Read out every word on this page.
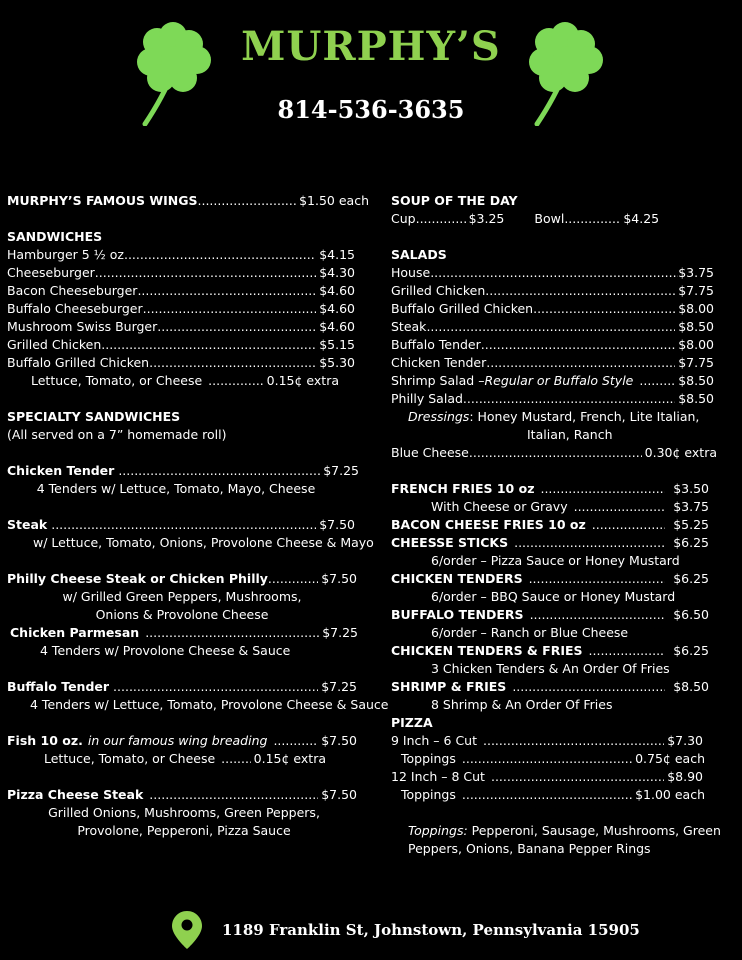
MURPHY’S
814-536-3635
MURPHY’S FAMOUS WINGS .....	$1.50 each
SANDWICHES
Hamburger 5 ½ oz. .....	$4.15
Cheeseburger .....	$4.30
Bacon Cheeseburger .....	$4.60
Buffalo Cheeseburger .....	$4.60
Mushroom Swiss Burger .....	$4.60
Grilled Chicken .....	$5.15
Buffalo Grilled Chicken .....	$5.30
Lettuce, Tomato, or Cheese .....	0.15¢ extra
SPECIALTY SANDWICHES
(All served on a 7” homemade roll)
Chicken Tender .....	$7.25
4 Tenders w/ Lettuce, Tomato, Mayo, Cheese
Steak .....	$7.50
w/ Lettuce, Tomato, Onions, Provolone Cheese & Mayo
Philly Cheese Steak or Chicken Philly .....	$7.50
w/ Grilled Green Peppers, Mushrooms,
Onions & Provolone Cheese
Chicken Parmesan .....	$7.25
4 Tenders w/ Provolone Cheese & Sauce
Buffalo Tender .....	$7.25
4 Tenders w/ Lettuce, Tomato, Provolone Cheese & Sauce
Fish 10 oz. in our famous wing breading .....	$7.50
Lettuce, Tomato, or Cheese .....	0.15¢ extra
Pizza Cheese Steak .....	$7.50
Grilled Onions, Mushrooms, Green Peppers,
Provolone, Pepperoni, Pizza Sauce
SOUP OF THE DAY
Cup .....	$3.25	Bowl .....	$4.25
SALADS
House .....	$3.75
Grilled Chicken .....	$7.75
Buffalo Grilled Chicken .....	$8.00
Steak .....	$8.50
Buffalo Tender .....	$8.00
Chicken Tender .....	$7.75
Shrimp Salad – Regular or Buffalo Style .....	$8.50
Philly Salad .....	$8.50
Dressings: Honey Mustard, French, Lite Italian,
Italian, Ranch
Blue Cheese .....	0.30¢ extra
FRENCH FRIES 10 oz .....	$3.50
With Cheese or Gravy .....	$3.75
BACON CHEESE FRIES 10 oz .....	$5.25
CHEESSE STICKS .....	$6.25
6/order – Pizza Sauce or Honey Mustard
CHICKEN TENDERS .....	$6.25
6/order – BBQ Sauce or Honey Mustard
BUFFALO TENDERS .....	$6.50
6/order – Ranch or Blue Cheese
CHICKEN TENDERS & FRIES .....	$6.25
3 Chicken Tenders & An Order Of Fries
SHRIMP & FRIES .....	$8.50
8 Shrimp & An Order Of Fries
PIZZA
9 Inch – 6 Cut .....	$7.30
Toppings .....	0.75¢ each
12 Inch – 8 Cut .....	$8.90
Toppings .....	$1.00 each
Toppings: Pepperoni, Sausage, Mushrooms, Green
Peppers, Onions, Banana Pepper Rings
1189 Franklin St, Johnstown, Pennsylvania 15905
